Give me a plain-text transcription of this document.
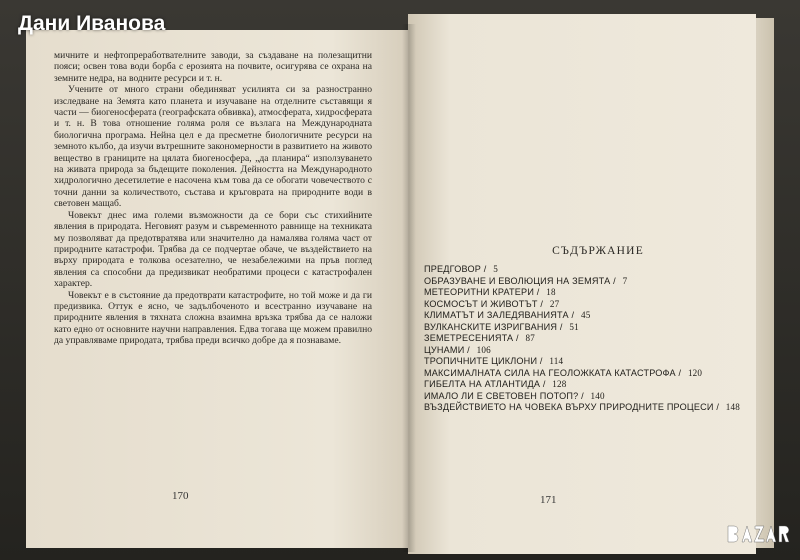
Дани Иванова

мичните и нефтопреработвателните заводи, за създаване на полезащитни пояси; освен това води борба с ерозията на почвите, осигурява се охрана на земните недра, на водните ресурси и т. н.

Учените от много страни обединяват усилията си за разностранно изследване на Земята като планета и изучаване на отделните съставящи я части — биогеносферата (географската обвивка), атмосферата, хидросферата и т. н. В това отношение голяма роля се възлага на Международната биологична програма. Нейна цел е да пресметне биологичните ресурси на земното кълбо, да изучи вътрешните закономерности в развитието на живото вещество в границите на цялата биогеносфера, „да планира“ използуването на живата природа за бъдещите поколения. Дейността на Международното хидрологично десетилетие е насочена към това да се обогати човечеството с точни данни за количеството, състава и кръговрата на природните води в световен мащаб.

Човекът днес има големи възможности да се бори със стихийните явления в природата. Неговият разум и съвременното равнище на техниката му позволяват да предотвратява или значително да намалява голяма част от природните катастрофи. Трябва да се подчертае обаче, че въздействието на върху природата е толкова осезателно, че незабележими на пръв поглед явления са способни да предизвикат необратими процеси с катастрофален характер.

Човекът е в състояние да предотврати катастрофите, но той може и да ги предизвика. Оттук е ясно, че задълбоченото и всестранно изучаване на природните явления в тяхната сложна взаимна връзка трябва да се наложи като едно от основните научни направления. Едва тогава ще можем правилно да управляваме природата, трябва преди всичко добре да я познаваме.

170
СЪДЪРЖАНИЕ
ПРЕДГОВОР / 5
ОБРАЗУВАНЕ И ЕВОЛЮЦИЯ НА ЗЕМЯТА / 7
МЕТЕОРИТНИ КРАТЕРИ / 18
КОСМОСЪТ И ЖИВОТЪТ / 27
КЛИМАТЪТ И ЗАЛЕДЯВАНИЯТА / 45
ВУЛКАНСКИТЕ ИЗРИГВАНИЯ / 51
ЗЕМЕТРЕСЕНИЯТА / 87
ЦУНАМИ / 106
ТРОПИЧНИТЕ ЦИКЛОНИ / 114
МАКСИМАЛНАТА СИЛА НА ГЕОЛОЖКАТА КАТАСТРОФА / 120
ГИБЕЛТА НА АТЛАНТИДА / 128
ИМАЛО ЛИ Е СВЕТОВЕН ПОТОП? / 140
ВЪЗДЕЙСТВИЕТО НА ЧОВЕКА ВЪРХУ ПРИРОДНИТЕ ПРОЦЕСИ / 148
171
